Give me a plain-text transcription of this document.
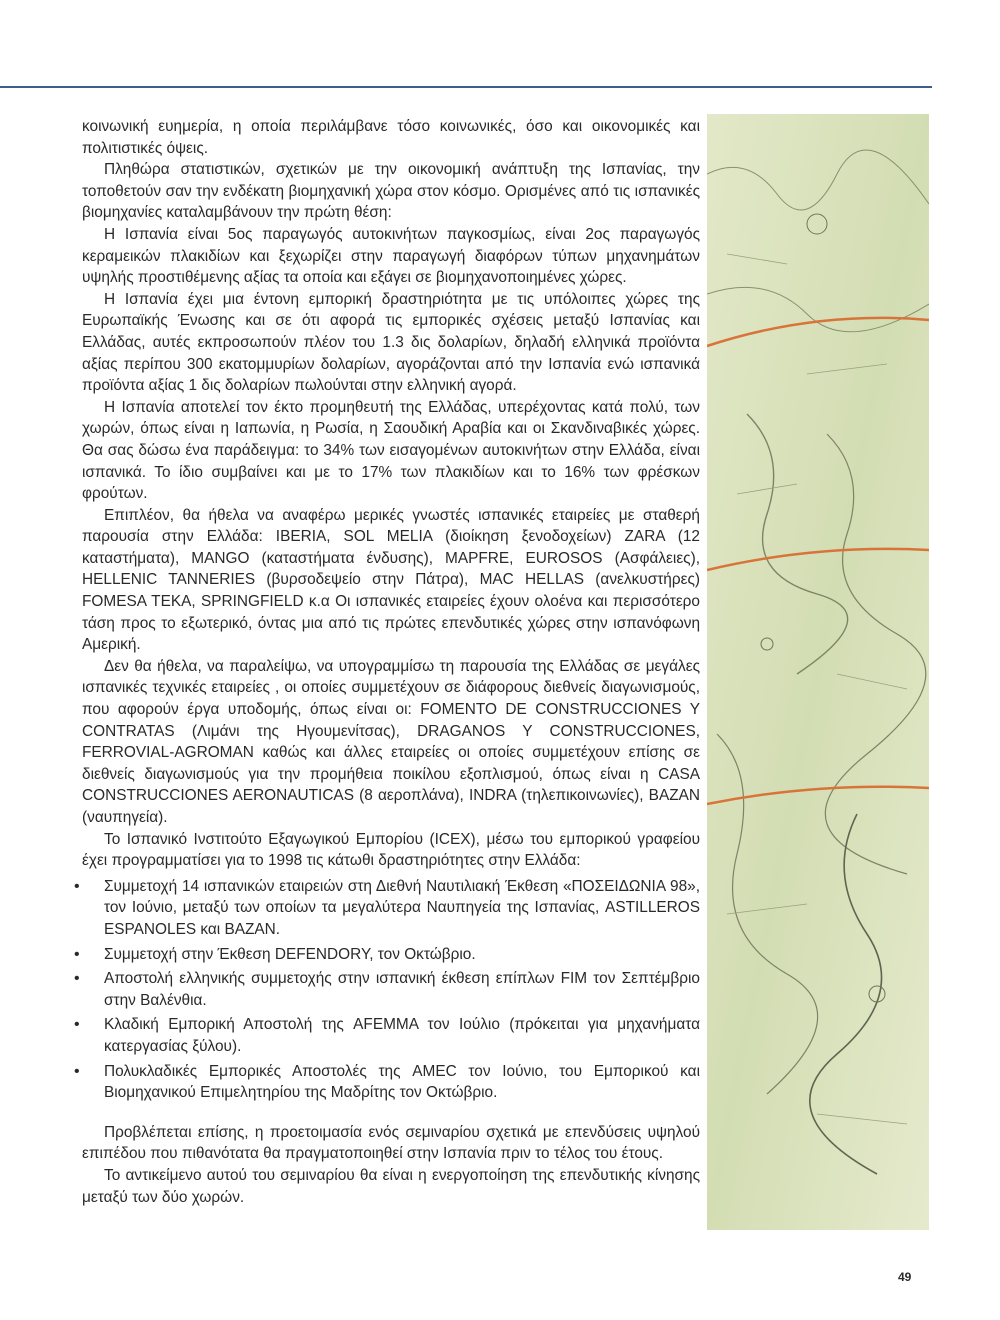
κοινωνική ευημερία, η οποία περιλάμβανε τόσο κοινωνικές, όσο και οικονομικές και πολιτιστικές όψεις.

Πληθώρα στατιστικών, σχετικών με την οικονομική ανάπτυξη της Ισπανίας, την τοποθετούν σαν την ενδέκατη βιομηχανική χώρα στον κόσμο. Ορισμένες από τις ισπανικές βιομηχανίες καταλαμβάνουν την πρώτη θέση:

Η Ισπανία είναι 5ος παραγωγός αυτοκινήτων παγκοσμίως, είναι 2ος παραγωγός κεραμεικών πλακιδίων και ξεχωρίζει στην παραγωγή διαφόρων τύπων μηχανημάτων υψηλής προστιθέμενης αξίας τα οποία και εξάγει σε βιομηχανοποιημένες χώρες.

Η Ισπανία έχει μια έντονη εμπορική δραστηριότητα με τις υπόλοιπες χώρες της Ευρωπαϊκής Ένωσης και σε ότι αφορά τις εμπορικές σχέσεις μεταξύ Ισπανίας και Ελλάδας, αυτές εκπροσωπούν πλέον του 1.3 δις δολαρίων, δηλαδή ελληνικά προϊόντα αξίας περίπου 300 εκατομμυρίων δολαρίων, αγοράζονται από την Ισπανία ενώ ισπανικά προϊόντα αξίας 1 δις δολαρίων πωλούνται στην ελληνική αγορά.

Η Ισπανία αποτελεί τον έκτο προμηθευτή της Ελλάδας, υπερέχοντας κατά πολύ, των χωρών, όπως είναι η Ιαπωνία, η Ρωσία, η Σαουδική Αραβία και οι Σκανδιναβικές χώρες. Θα σας δώσω ένα παράδειγμα: το 34% των εισαγομένων αυτοκινήτων στην Ελλάδα, είναι ισπανικά. Το ίδιο συμβαίνει και με το 17% των πλακιδίων και το 16% των φρέσκων φρούτων.

Επιπλέον, θα ήθελα να αναφέρω μερικές γνωστές ισπανικές εταιρείες με σταθερή παρουσία στην Ελλάδα: IBERIA, SOL MELIA (διοίκηση ξενοδοχείων) ZARA (12 καταστήματα), MANGO (καταστήματα ένδυσης), MAPFRE, EUROSOS (Ασφάλειες), HELLENIC TANNERIES (βυρσοδεψείο στην Πάτρα), MAC HELLAS (ανελκυστήρες) FOMESA TEKA, SPRINGFIELD κ.α Οι ισπανικές εταιρείες έχουν ολοένα και περισσότερο τάση προς το εξωτερικό, όντας μια από τις πρώτες επενδυτικές χώρες στην ισπανόφωνη Αμερική.

Δεν θα ήθελα, να παραλείψω, να υπογραμμίσω τη παρουσία της Ελλάδας σε μεγάλες ισπανικές τεχνικές εταιρείες , οι οποίες συμμετέχουν σε διάφορους διεθνείς διαγωνισμούς, που αφορούν έργα υποδομής, όπως είναι οι: FOMENTO DE CONSTRUCCIONES Y CONTRATAS (Λιμάνι της Ηγουμενίτσας), DRAGANOS Y CONSTRUCCIONES, FERROVIAL-AGROMAN καθώς και άλλες εταιρείες οι οποίες συμμετέχουν επίσης σε διεθνείς διαγωνισμούς για την προμήθεια ποικίλου εξοπλισμού, όπως είναι η CASA CONSTRUCCIONES AERONAUTICAS (8 αεροπλάνα), INDRA (τηλεπικοινωνίες), BAZAN (ναυπηγεία).

Το Ισπανικό Ινστιτούτο Εξαγωγικού Εμπορίου (ICEX), μέσω του εμπορικού γραφείου έχει προγραμματίσει για το 1998 τις κάτωθι δραστηριότητες στην Ελλάδα:

• Συμμετοχή 14 ισπανικών εταιρειών στη Διεθνή Ναυτιλιακή Έκθεση «ΠΟΣΕΙΔΩΝΙΑ 98», τον Ιούνιο, μεταξύ των οποίων τα μεγαλύτερα Ναυπηγεία της Ισπανίας, ASTILLEROS ESPANOLES και BAZAN.
• Συμμετοχή στην Έκθεση DEFENDORY, τον Οκτώβριο.
• Αποστολή ελληνικής συμμετοχής στην ισπανική έκθεση επίπλων FIM τον Σεπτέμβριο στην Βαλένθια.
• Κλαδική Εμπορική Αποστολή της AFEMMA τον Ιούλιο (πρόκειται για μηχανήματα κατεργασίας ξύλου).
• Πολυκλαδικές Εμπορικές Αποστολές της AMEC τον Ιούνιο, του Εμπορικού και Βιομηχανικού Επιμελητηρίου της Μαδρίτης τον Οκτώβριο.

Προβλέπεται επίσης, η προετοιμασία ενός σεμιναρίου σχετικά με επενδύσεις υψηλού επιπέδου που πιθανότατα θα πραγματοποιηθεί στην Ισπανία πριν το τέλος του έτους.

Το αντικείμενο αυτού του σεμιναρίου θα είναι η ενεργοποίηση της επενδυτικής κίνησης μεταξύ των δύο χωρών.

49
